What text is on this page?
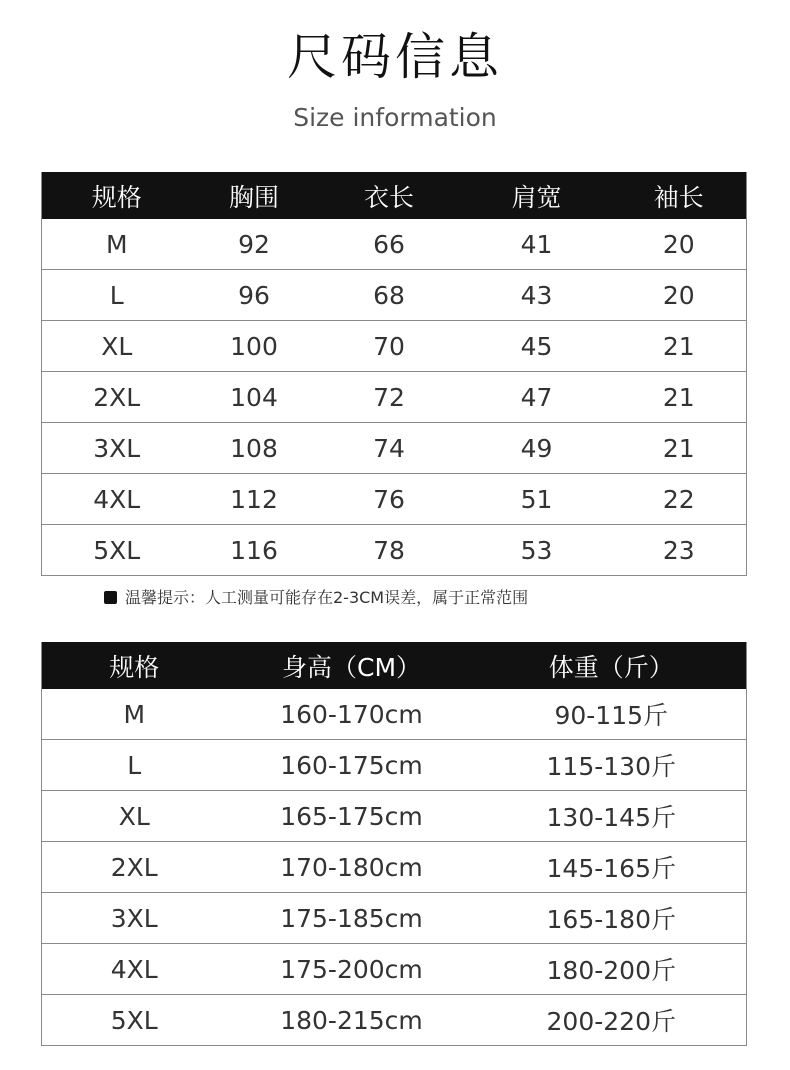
尺码信息
Size information
规格	胸围	衣长	肩宽	袖长
M	92	66	41	20
L	96	68	43	20
XL	100	70	45	21
2XL	104	72	47	21
3XL	108	74	49	21
4XL	112	76	51	22
5XL	116	78	53	23
温馨提示：人工测量可能存在2-3CM误差，属于正常范围
规格	身高（CM）	体重（斤）
M	160-170cm	90-115斤
L	160-175cm	115-130斤
XL	165-175cm	130-145斤
2XL	170-180cm	145-165斤
3XL	175-185cm	165-180斤
4XL	175-200cm	180-200斤
5XL	180-215cm	200-220斤
